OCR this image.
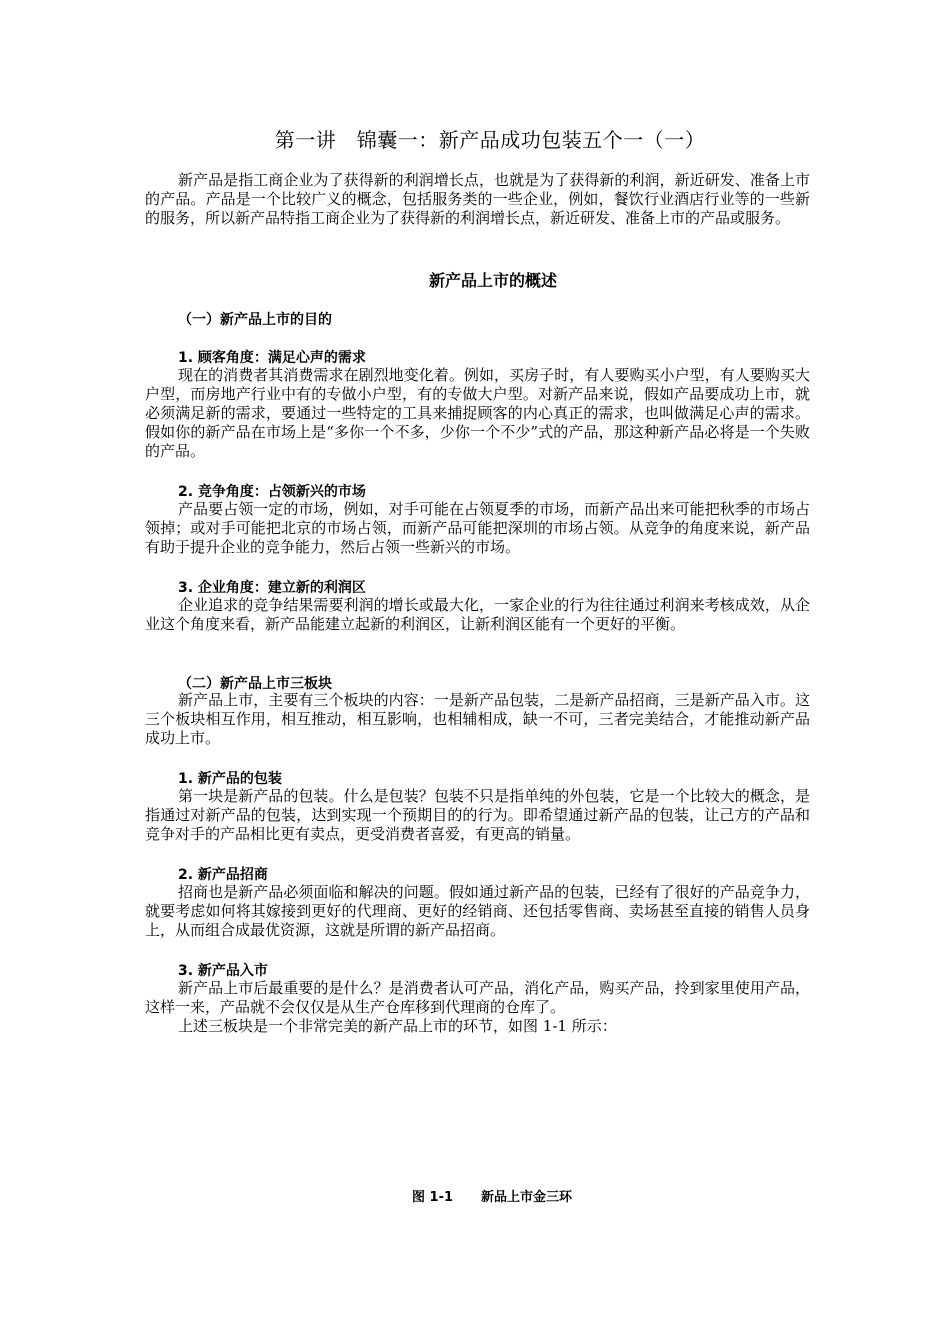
第一讲　锦囊一：新产品成功包装五个一（一）

新产品是指工商企业为了获得新的利润增长点，也就是为了获得新的利润，新近研发、准备上市的产品。产品是一个比较广义的概念，包括服务类的一些企业，例如，餐饮行业酒店行业等的一些新的服务，所以新产品特指工商企业为了获得新的利润增长点，新近研发、准备上市的产品或服务。

新产品上市的概述
（一）新产品上市的目的
1. 顾客角度：满足心声的需求

现在的消费者其消费需求在剧烈地变化着。例如，买房子时，有人要购买小户型，有人要购买大户型，而房地产行业中有的专做小户型，有的专做大户型。对新产品来说，假如产品要成功上市，就必须满足新的需求，要通过一些特定的工具来捕捉顾客的内心真正的需求，也叫做满足心声的需求。假如你的新产品在市场上是“多你一个不多，少你一个不少”式的产品，那这种新产品必将是一个失败的产品。

2. 竞争角度：占领新兴的市场

产品要占领一定的市场，例如，对手可能在占领夏季的市场，而新产品出来可能把秋季的市场占领掉；或对手可能把北京的市场占领，而新产品可能把深圳的市场占领。从竞争的角度来说，新产品有助于提升企业的竞争能力，然后占领一些新兴的市场。

3. 企业角度：建立新的利润区

企业追求的竞争结果需要利润的增长或最大化，一家企业的行为往往通过利润来考核成效，从企业这个角度来看，新产品能建立起新的利润区，让新利润区能有一个更好的平衡。

（二）新产品上市三板块

新产品上市，主要有三个板块的内容：一是新产品包装，二是新产品招商，三是新产品入市。这三个板块相互作用，相互推动，相互影响，也相辅相成，缺一不可，三者完美结合，才能推动新产品成功上市。

1. 新产品的包装

第一块是新产品的包装。什么是包装？包装不只是指单纯的外包装，它是一个比较大的概念，是指通过对新产品的包装，达到实现一个预期目的的行为。即希望通过新产品的包装，让己方的产品和竞争对手的产品相比更有卖点，更受消费者喜爱，有更高的销量。

2. 新产品招商

招商也是新产品必须面临和解决的问题。假如通过新产品的包装，已经有了很好的产品竞争力，就要考虑如何将其嫁接到更好的代理商、更好的经销商、还包括零售商、卖场甚至直接的销售人员身上，从而组合成最优资源，这就是所谓的新产品招商。

3. 新产品入市

新产品上市后最重要的是什么？是消费者认可产品，消化产品，购买产品，拎到家里使用产品，这样一来，产品就不会仅仅是从生产仓库移到代理商的仓库了。

上述三板块是一个非常完美的新产品上市的环节，如图 1-1 所示：

图 1-1 新品上市金三环
